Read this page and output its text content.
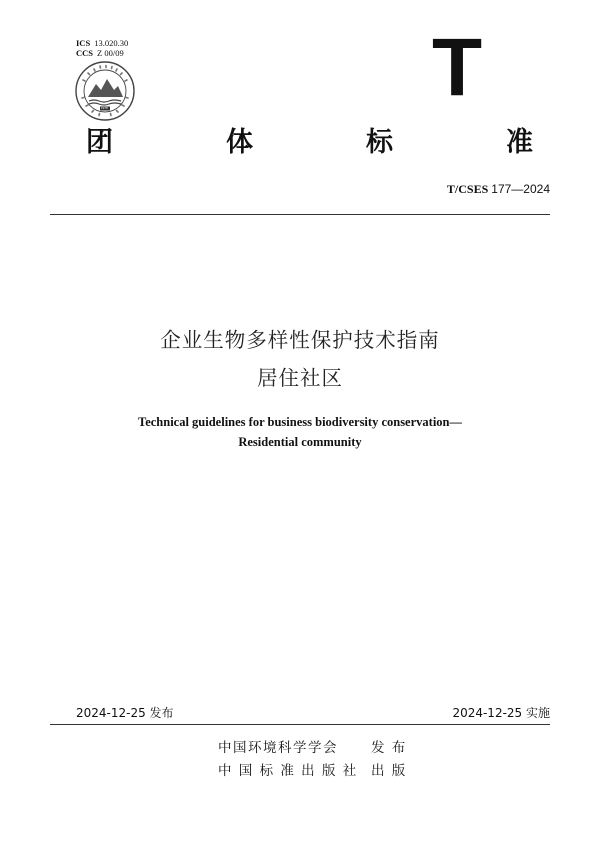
ICS 13.020.30
CCS Z 00/09
1978	T
团	体	标	准
T/CSES 177—2024
企业生物多样性保护技术指南
居住社区
Technical guidelines for business biodiversity conservation—
Residential community
2024-12-25 发布	2024-12-25 实施
中国环境科学学会 发 布
中 国 标 准 出 版 社 出 版
